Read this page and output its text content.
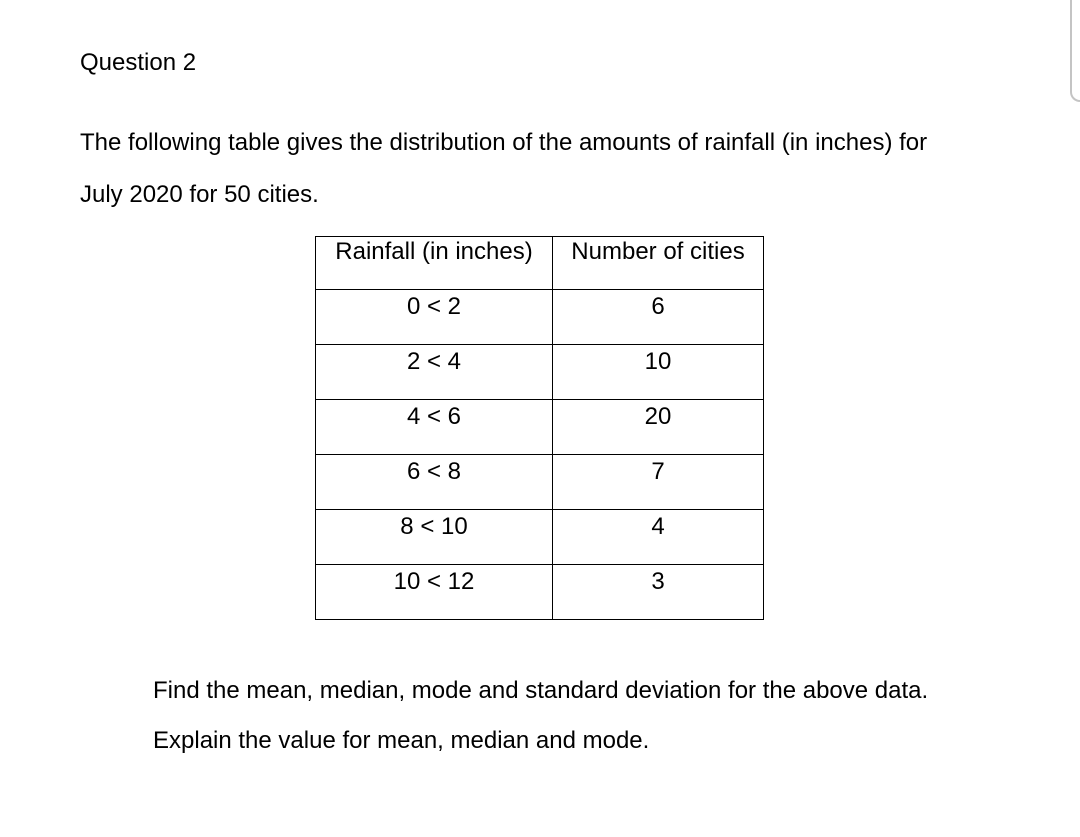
Question 2

The following table gives the distribution of the amounts of rainfall (in inches) for

July 2020 for 50 cities.

Rainfall (in inches)	Number of cities
0 < 2	6
2 < 4	10
4 < 6	20
6 < 8	7
8 < 10	4
10 < 12	3

Find the mean, median, mode and standard deviation for the above data.

Explain the value for mean, median and mode.
